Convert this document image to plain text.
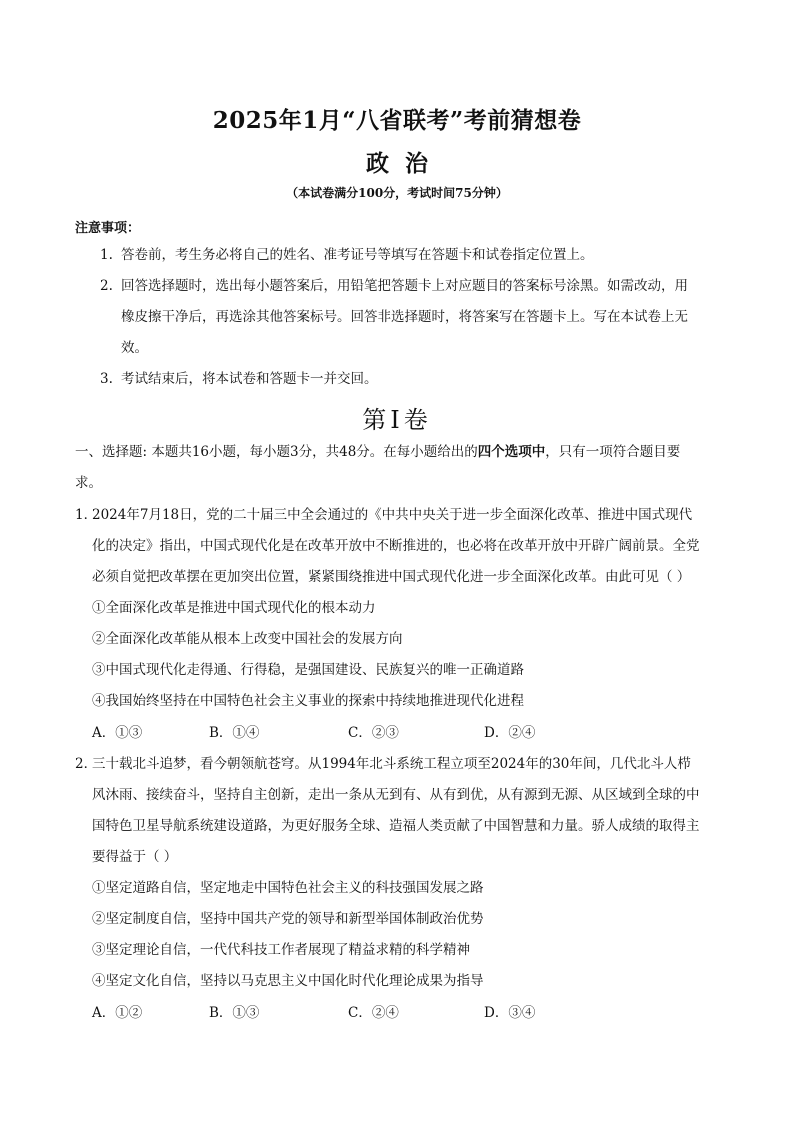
2025年1月“八省联考”考前猜想卷
政  治
（本试卷满分100分，考试时间75分钟）
注意事项：
1. 答卷前，考生务必将自己的姓名、准考证号等填写在答题卡和试卷指定位置上。
2. 回答选择题时，选出每小题答案后，用铅笔把答题卡上对应题目的答案标号涂黑。如需改动，用
橡皮擦干净后，再选涂其他答案标号。回答非选择题时，将答案写在答题卡上。写在本试卷上无
效。
3. 考试结束后，将本试卷和答题卡一并交回。
第Ⅰ卷
一、选择题: 本题共16小题，每小题3分，共48分。在每小题给出的四个选项中，只有一项符合题目要
求。
1．
2024年7月18日，党的二十届三中全会通过的《中共中央关于进一步全面深化改革、推进中国式现代
化的决定》指出，中国式现代化是在改革开放中不断推进的，也必将在改革开放中开辟广阔前景。全党
必须自觉把改革摆在更加突出位置，紧紧围绕推进中国式现代化进一步全面深化改革。由此可见（ ）
①全面深化改革是推进中国式现代化的根本动力
②全面深化改革能从根本上改变中国社会的发展方向
③中国式现代化走得通、行得稳，是强国建设、民族复兴的唯一正确道路
④我国始终坚持在中国特色社会主义事业的探索中持续地推进现代化进程
A．①③	B．①④	C．②③	D．②④
2．
三十载北斗追梦，看今朝领航苍穹。从1994年北斗系统工程立项至2024年的30年间，几代北斗人栉
风沐雨、接续奋斗，坚持自主创新，走出一条从无到有、从有到优，从有源到无源、从区域到全球的中
国特色卫星导航系统建设道路，为更好服务全球、造福人类贡献了中国智慧和力量。骄人成绩的取得主
要得益于（ ）
①坚定道路自信，坚定地走中国特色社会主义的科技强国发展之路
②坚定制度自信，坚持中国共产党的领导和新型举国体制政治优势
③坚定理论自信，一代代科技工作者展现了精益求精的科学精神
④坚定文化自信，坚持以马克思主义中国化时代化理论成果为指导
A．①②	B．①③	C．②④	D．③④
